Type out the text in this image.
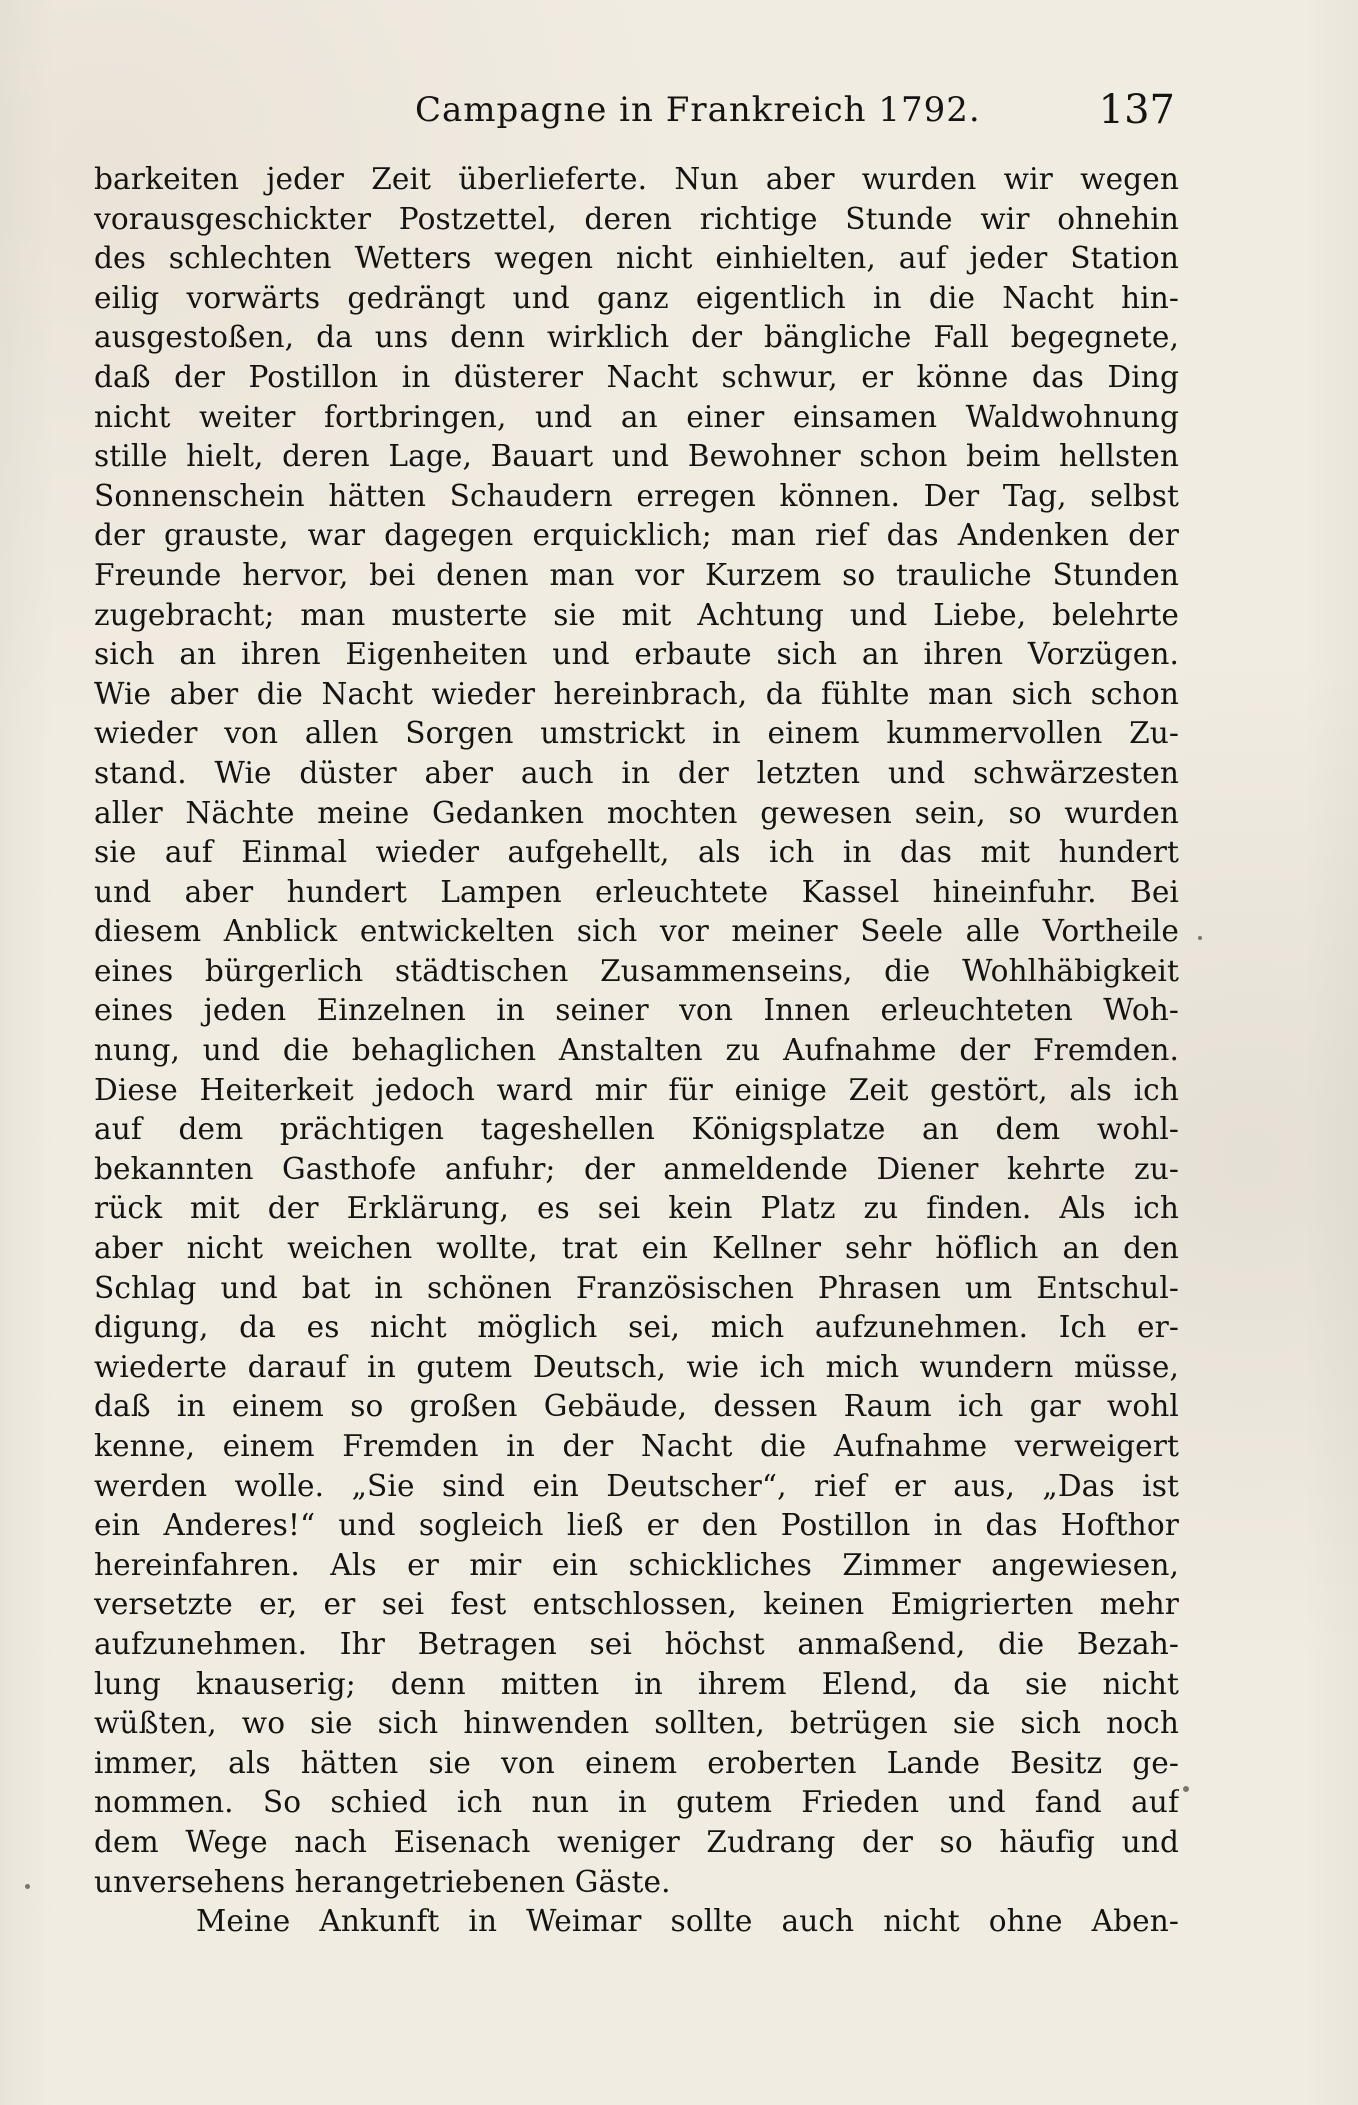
Campagne in Frankreich 1792.	137
barkeiten jeder Zeit überlieferte. Nun aber wurden wir wegen
vorausgeschickter Postzettel, deren richtige Stunde wir ohnehin
des schlechten Wetters wegen nicht einhielten, auf jeder Station
eilig vorwärts gedrängt und ganz eigentlich in die Nacht hin-
ausgestoßen, da uns denn wirklich der bängliche Fall begegnete,
daß der Postillon in düsterer Nacht schwur, er könne das Ding
nicht weiter fortbringen, und an einer einsamen Waldwohnung
stille hielt, deren Lage, Bauart und Bewohner schon beim hellsten
Sonnenschein hätten Schaudern erregen können. Der Tag, selbst
der grauste, war dagegen erquicklich; man rief das Andenken der
Freunde hervor, bei denen man vor Kurzem so trauliche Stunden
zugebracht; man musterte sie mit Achtung und Liebe, belehrte
sich an ihren Eigenheiten und erbaute sich an ihren Vorzügen.
Wie aber die Nacht wieder hereinbrach, da fühlte man sich schon
wieder von allen Sorgen umstrickt in einem kummervollen Zu-
stand. Wie düster aber auch in der letzten und schwärzesten
aller Nächte meine Gedanken mochten gewesen sein, so wurden
sie auf Einmal wieder aufgehellt, als ich in das mit hundert
und aber hundert Lampen erleuchtete Kassel hineinfuhr. Bei
diesem Anblick entwickelten sich vor meiner Seele alle Vortheile
eines bürgerlich städtischen Zusammenseins, die Wohlhäbigkeit
eines jeden Einzelnen in seiner von Innen erleuchteten Woh-
nung, und die behaglichen Anstalten zu Aufnahme der Fremden.
Diese Heiterkeit jedoch ward mir für einige Zeit gestört, als ich
auf dem prächtigen tageshellen Königsplatze an dem wohl-
bekannten Gasthofe anfuhr; der anmeldende Diener kehrte zu-
rück mit der Erklärung, es sei kein Platz zu finden. Als ich
aber nicht weichen wollte, trat ein Kellner sehr höflich an den
Schlag und bat in schönen Französischen Phrasen um Entschul-
digung, da es nicht möglich sei, mich aufzunehmen. Ich er-
wiederte darauf in gutem Deutsch, wie ich mich wundern müsse,
daß in einem so großen Gebäude, dessen Raum ich gar wohl
kenne, einem Fremden in der Nacht die Aufnahme verweigert
werden wolle. „Sie sind ein Deutscher“, rief er aus, „Das ist
ein Anderes!“ und sogleich ließ er den Postillon in das Hofthor
hereinfahren. Als er mir ein schickliches Zimmer angewiesen,
versetzte er, er sei fest entschlossen, keinen Emigrierten mehr
aufzunehmen. Ihr Betragen sei höchst anmaßend, die Bezah-
lung knauserig; denn mitten in ihrem Elend, da sie nicht
wüßten, wo sie sich hinwenden sollten, betrügen sie sich noch
immer, als hätten sie von einem eroberten Lande Besitz ge-
nommen. So schied ich nun in gutem Frieden und fand auf
dem Wege nach Eisenach weniger Zudrang der so häufig und
unversehens herangetriebenen Gäste.
Meine Ankunft in Weimar sollte auch nicht ohne Aben-
